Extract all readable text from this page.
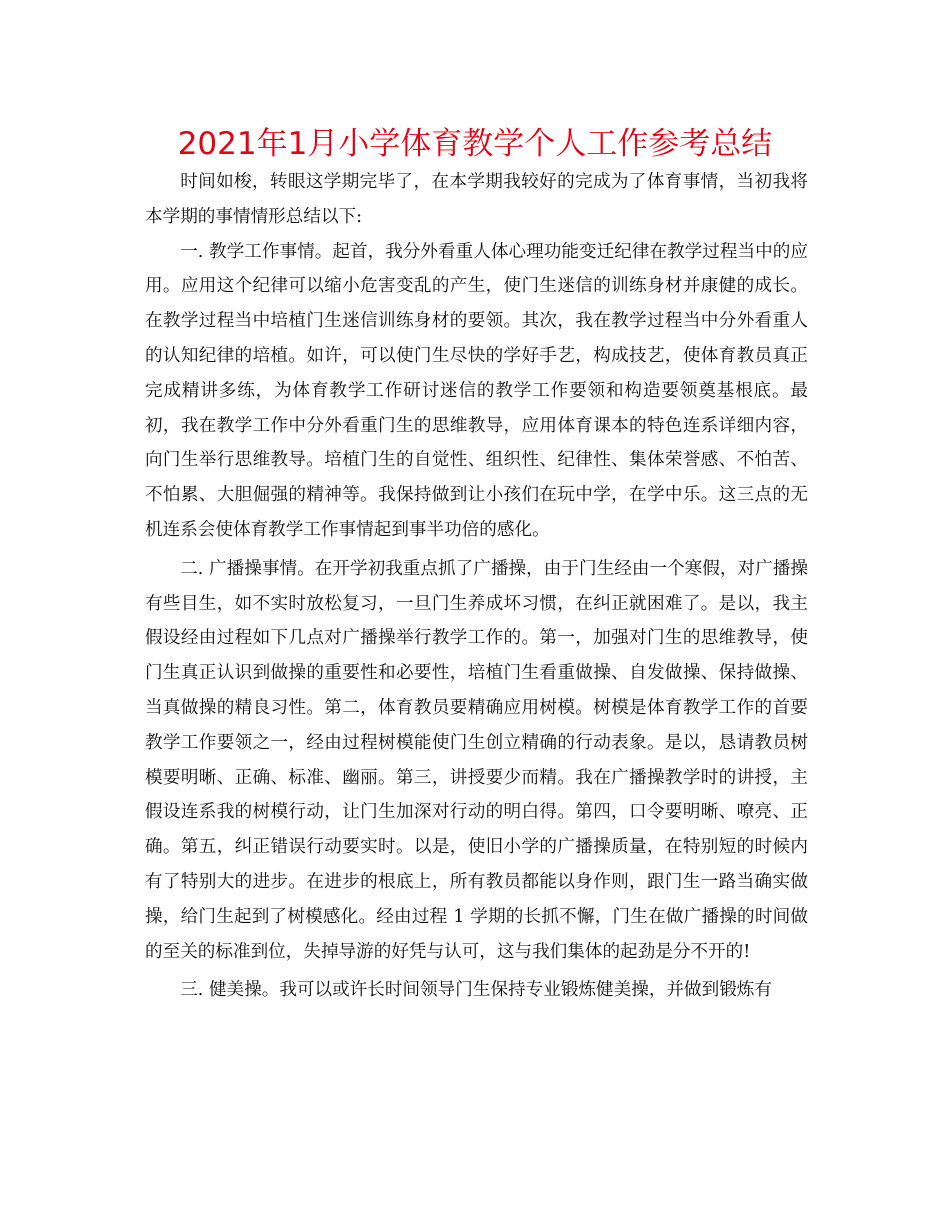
2021年1月小学体育教学个人工作参考总结

时间如梭，转眼这学期完毕了，在本学期我较好的完成为了体育事情，当初我将本学期的事情情形总结以下:

一. 教学工作事情。起首，我分外看重人体心理功能变迁纪律在教学过程当中的应用。应用这个纪律可以缩小危害变乱的产生，使门生迷信的训练身材并康健的成长。在教学过程当中培植门生迷信训练身材的要领。其次，我在教学过程当中分外看重人的认知纪律的培植。如许，可以使门生尽快的学好手艺，构成技艺，使体育教员真正完成精讲多练，为体育教学工作研讨迷信的教学工作要领和构造要领奠基根底。最初，我在教学工作中分外看重门生的思维教导，应用体育课本的特色连系详细内容，向门生举行思维教导。培植门生的自觉性、组织性、纪律性、集体荣誉感、不怕苦、不怕累、大胆倔强的精神等。我保持做到让小孩们在玩中学，在学中乐。这三点的无机连系会使体育教学工作事情起到事半功倍的感化。

二. 广播操事情。在开学初我重点抓了广播操，由于门生经由一个寒假，对广播操有些目生，如不实时放松复习，一旦门生养成坏习惯，在纠正就困难了。是以，我主假设经由过程如下几点对广播操举行教学工作的。第一，加强对门生的思维教导，使门生真正认识到做操的重要性和必要性，培植门生看重做操、自发做操、保持做操、当真做操的精良习性。第二，体育教员要精确应用树模。树模是体育教学工作的首要教学工作要领之一，经由过程树模能使门生创立精确的行动表象。是以，恳请教员树模要明晰、正确、标准、幽丽。第三，讲授要少而精。我在广播操教学时的讲授，主假设连系我的树模行动，让门生加深对行动的明白得。第四，口令要明晰、嘹亮、正确。第五，纠正错误行动要实时。以是，使旧小学的广播操质量，在特别短的时候内有了特别大的进步。在进步的根底上，所有教员都能以身作则，跟门生一路当确实做操，给门生起到了树模感化。经由过程 1 学期的长抓不懈，门生在做广播操的时间做的至关的标准到位，失掉导游的好凭与认可，这与我们集体的起劲是分不开的!

三. 健美操。我可以或许长时间领导门生保持专业锻炼健美操，并做到锻炼有
